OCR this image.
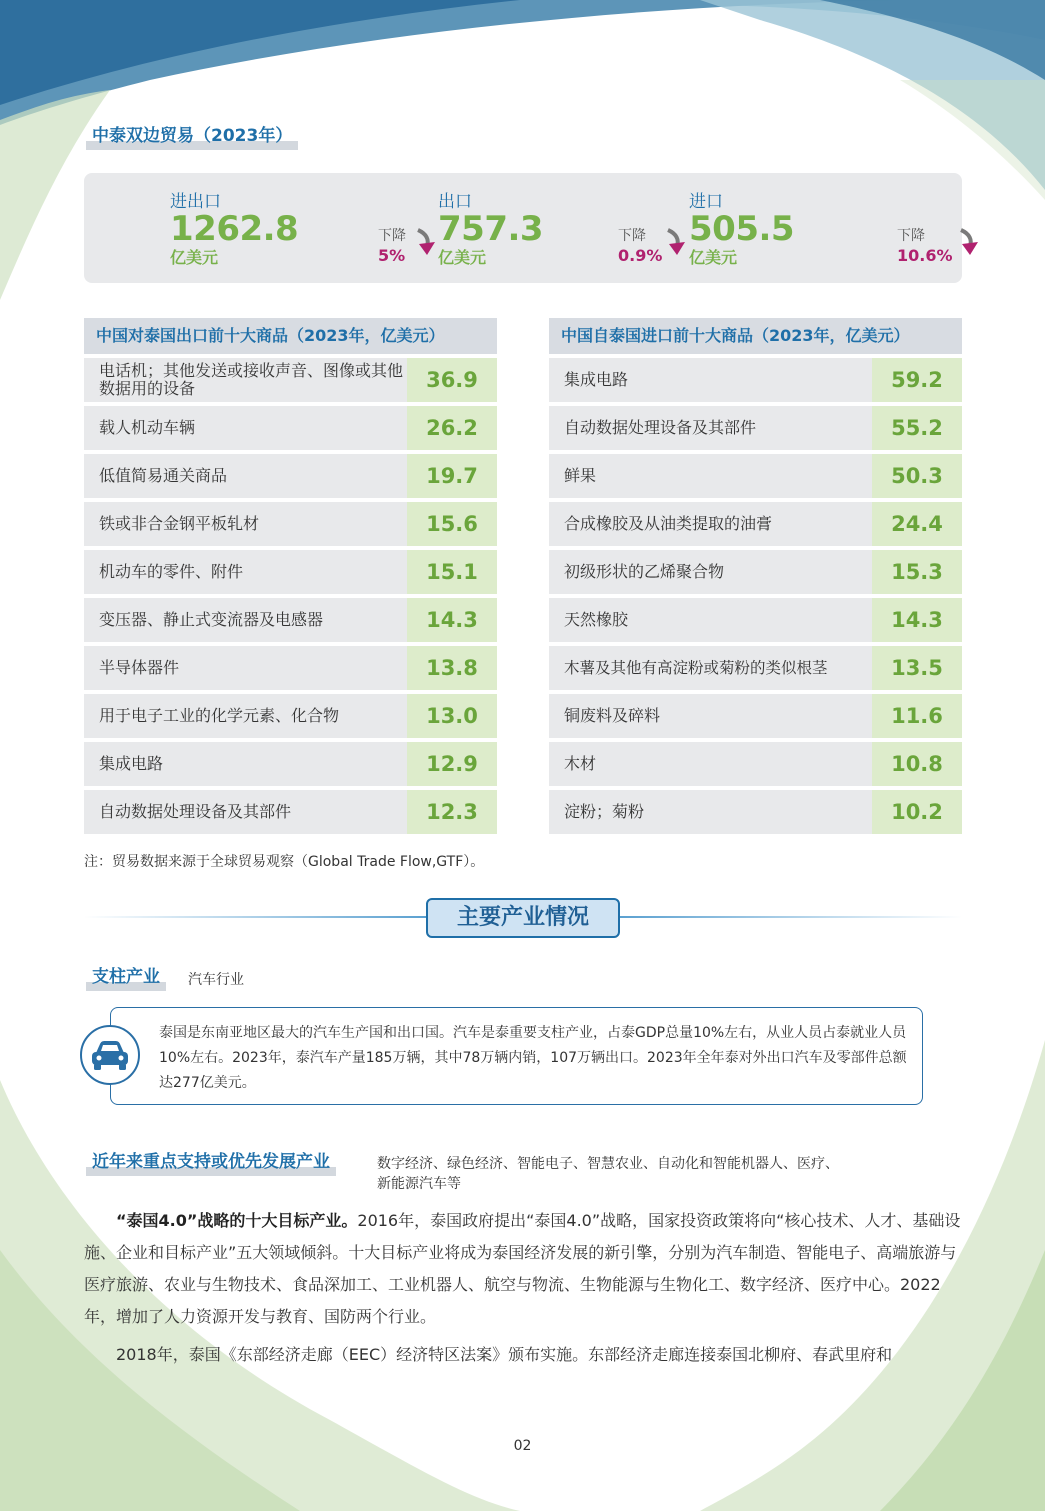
中泰双边贸易（2023年）
进出口
1262.8
亿美元
下降
5%
出口
757.3
亿美元
下降
0.9%
进口
505.5
亿美元
下降
10.6%
中国对泰国出口前十大商品（2023年，亿美元）
电话机；其他发送或接收声音、图像或其他数据用的设备	36.9
载人机动车辆	26.2
低值简易通关商品	19.7
铁或非合金钢平板轧材	15.6
机动车的零件、附件	15.1
变压器、静止式变流器及电感器	14.3
半导体器件	13.8
用于电子工业的化学元素、化合物	13.0
集成电路	12.9
自动数据处理设备及其部件	12.3
中国自泰国进口前十大商品（2023年，亿美元）
集成电路	59.2
自动数据处理设备及其部件	55.2
鲜果	50.3
合成橡胶及从油类提取的油膏	24.4
初级形状的乙烯聚合物	15.3
天然橡胶	14.3
木薯及其他有高淀粉或菊粉的类似根茎	13.5
铜废料及碎料	11.6
木材	10.8
淀粉；菊粉	10.2
注：贸易数据来源于全球贸易观察（Global Trade Flow,GTF）。
主要产业情况
支柱产业	汽车行业
泰国是东南亚地区最大的汽车生产国和出口国。汽车是泰重要支柱产业，占泰GDP总量10%左右，从业人员占泰就业人员10%左右。2023年，泰汽车产量185万辆，其中78万辆内销，107万辆出口。2023年全年泰对外出口汽车及零部件总额达277亿美元。
近年来重点支持或优先发展产业	数字经济、绿色经济、智能电子、智慧农业、自动化和智能机器人、医疗、
新能源汽车等
“泰国4.0”战略的十大目标产业。2016年，泰国政府提出“泰国4.0”战略，国家投资政策将向“核心技术、人才、基础设施、企业和目标产业”五大领域倾斜。十大目标产业将成为泰国经济发展的新引擎，分别为汽车制造、智能电子、高端旅游与医疗旅游、农业与生物技术、食品深加工、工业机器人、航空与物流、生物能源与生物化工、数字经济、医疗中心。2022年，增加了人力资源开发与教育、国防两个行业。
2018年，泰国《东部经济走廊（EEC）经济特区法案》颁布实施。东部经济走廊连接泰国北柳府、春武里府和
02
